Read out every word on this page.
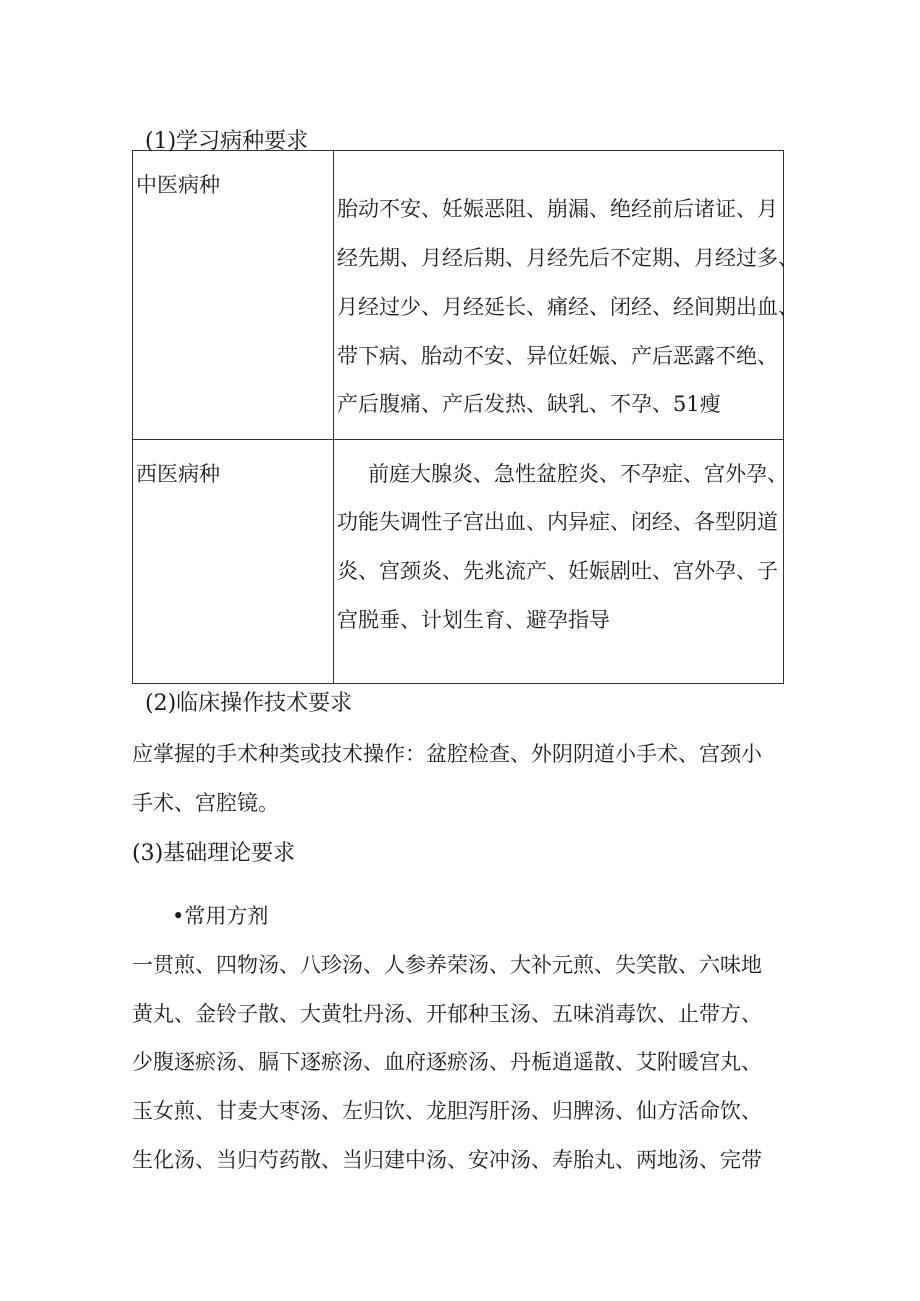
(1)学习病种要求
中医病种	胎动不安、妊娠恶阻、崩漏、绝经前后诸证、月
经先期、月经后期、月经先后不定期、月经过多、
月经过少、月经延长、痛经、闭经、经间期出血、
带下病、胎动不安、异位妊娠、产后恶露不绝、
产后腹痛、产后发热、缺乳、不孕、51瘦

西医病种	前庭大腺炎、急性盆腔炎、不孕症、宫外孕、
功能失调性子宫出血、内异症、闭经、各型阴道
炎、宫颈炎、先兆流产、妊娠剧吐、宫外孕、子
宫脱垂、计划生育、避孕指导
(2)临床操作技术要求
应掌握的手术种类或技术操作：盆腔检查、外阴阴道小手术、宫颈小
手术、宫腔镜。
(3)基础理论要求
•常用方剂
一贯煎、四物汤、八珍汤、人参养荣汤、大补元煎、失笑散、六味地
黄丸、金铃子散、大黄牡丹汤、开郁种玉汤、五味消毒饮、止带方、
少腹逐瘀汤、膈下逐瘀汤、血府逐瘀汤、丹栀逍遥散、艾附暖宫丸、
玉女煎、甘麦大枣汤、左归饮、龙胆泻肝汤、归脾汤、仙方活命饮、
生化汤、当归芍药散、当归建中汤、安冲汤、寿胎丸、两地汤、完带
